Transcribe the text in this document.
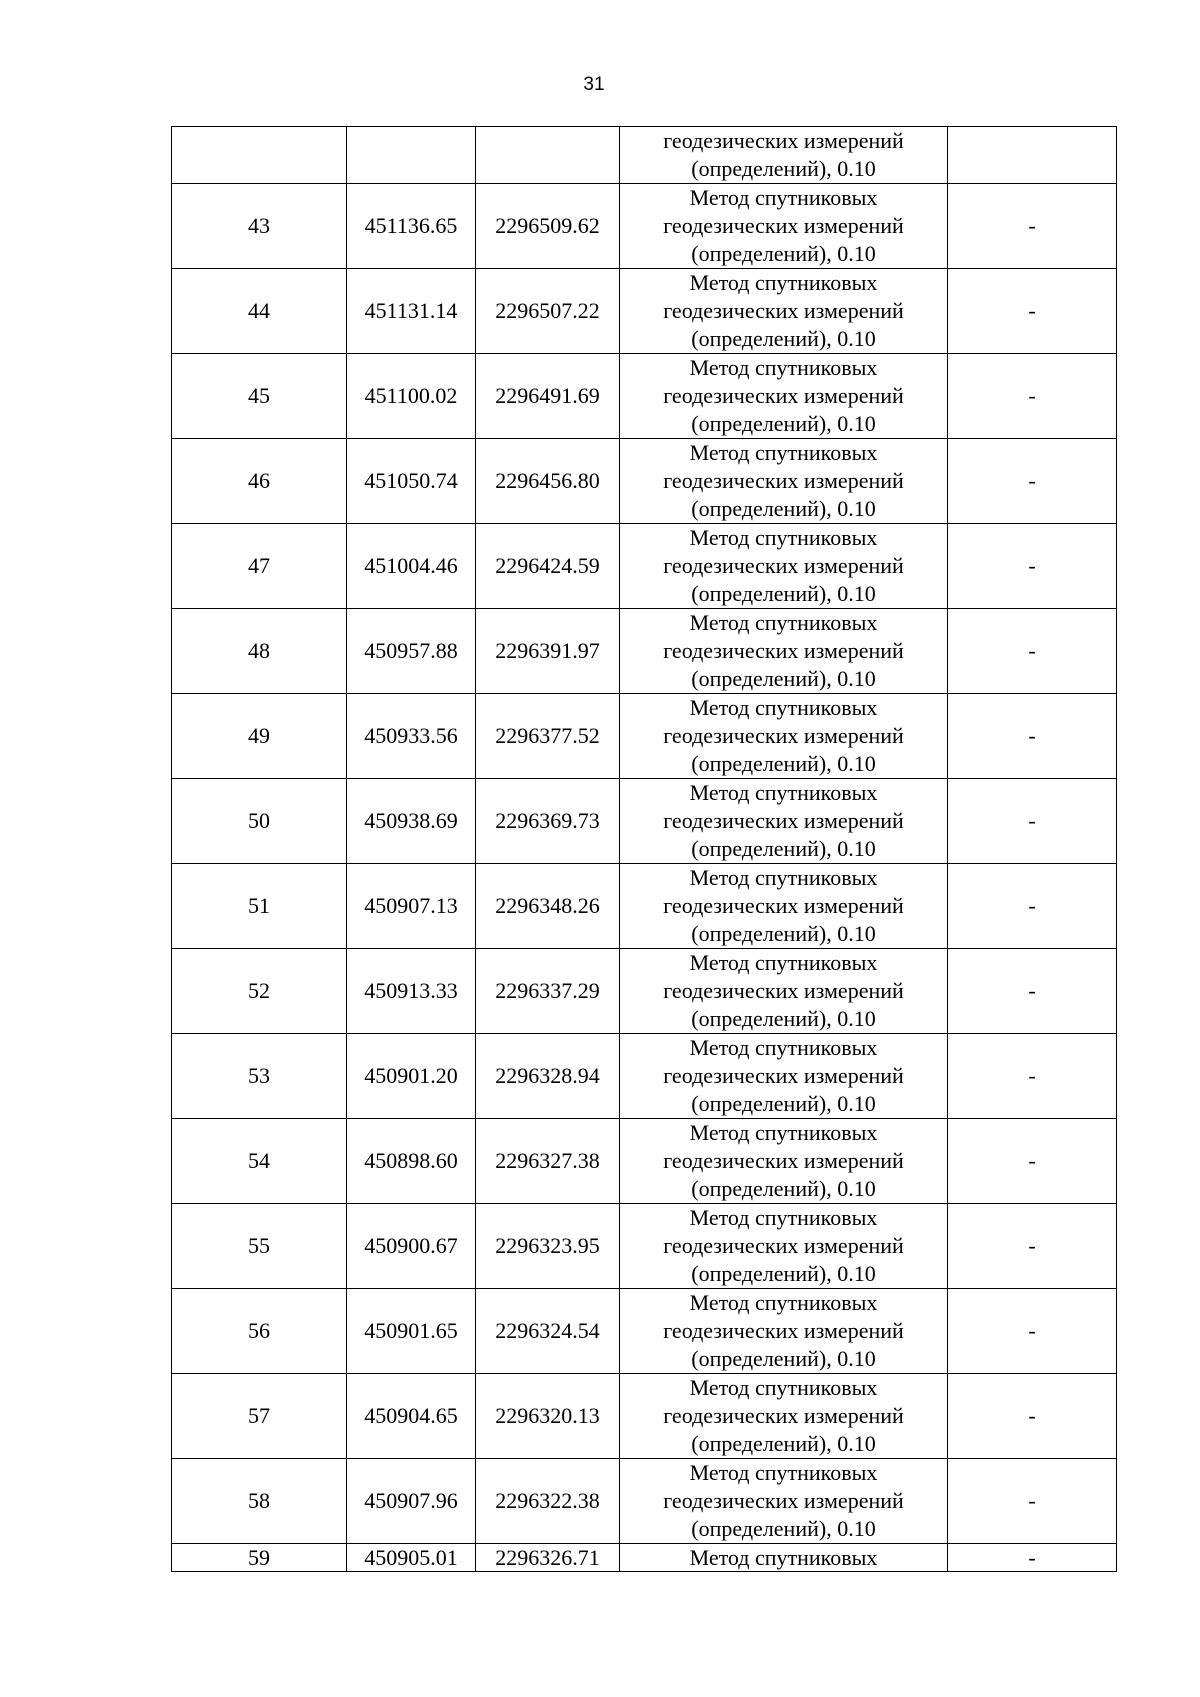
31

			геодезических измерений
(определений), 0.10	

43	451136.65	2296509.62	Метод спутниковых
геодезических измерений
(определений), 0.10	-
44	451131.14	2296507.22	Метод спутниковых
геодезических измерений
(определений), 0.10	-
45	451100.02	2296491.69	Метод спутниковых
геодезических измерений
(определений), 0.10	-
46	451050.74	2296456.80	Метод спутниковых
геодезических измерений
(определений), 0.10	-
47	451004.46	2296424.59	Метод спутниковых
геодезических измерений
(определений), 0.10	-
48	450957.88	2296391.97	Метод спутниковых
геодезических измерений
(определений), 0.10	-
49	450933.56	2296377.52	Метод спутниковых
геодезических измерений
(определений), 0.10	-
50	450938.69	2296369.73	Метод спутниковых
геодезических измерений
(определений), 0.10	-
51	450907.13	2296348.26	Метод спутниковых
геодезических измерений
(определений), 0.10	-
52	450913.33	2296337.29	Метод спутниковых
геодезических измерений
(определений), 0.10	-
53	450901.20	2296328.94	Метод спутниковых
геодезических измерений
(определений), 0.10	-
54	450898.60	2296327.38	Метод спутниковых
геодезических измерений
(определений), 0.10	-
55	450900.67	2296323.95	Метод спутниковых
геодезических измерений
(определений), 0.10	-
56	450901.65	2296324.54	Метод спутниковых
геодезических измерений
(определений), 0.10	-
57	450904.65	2296320.13	Метод спутниковых
геодезических измерений
(определений), 0.10	-
58	450907.96	2296322.38	Метод спутниковых
геодезических измерений
(определений), 0.10	-
59	450905.01	2296326.71	Метод спутниковых	-
